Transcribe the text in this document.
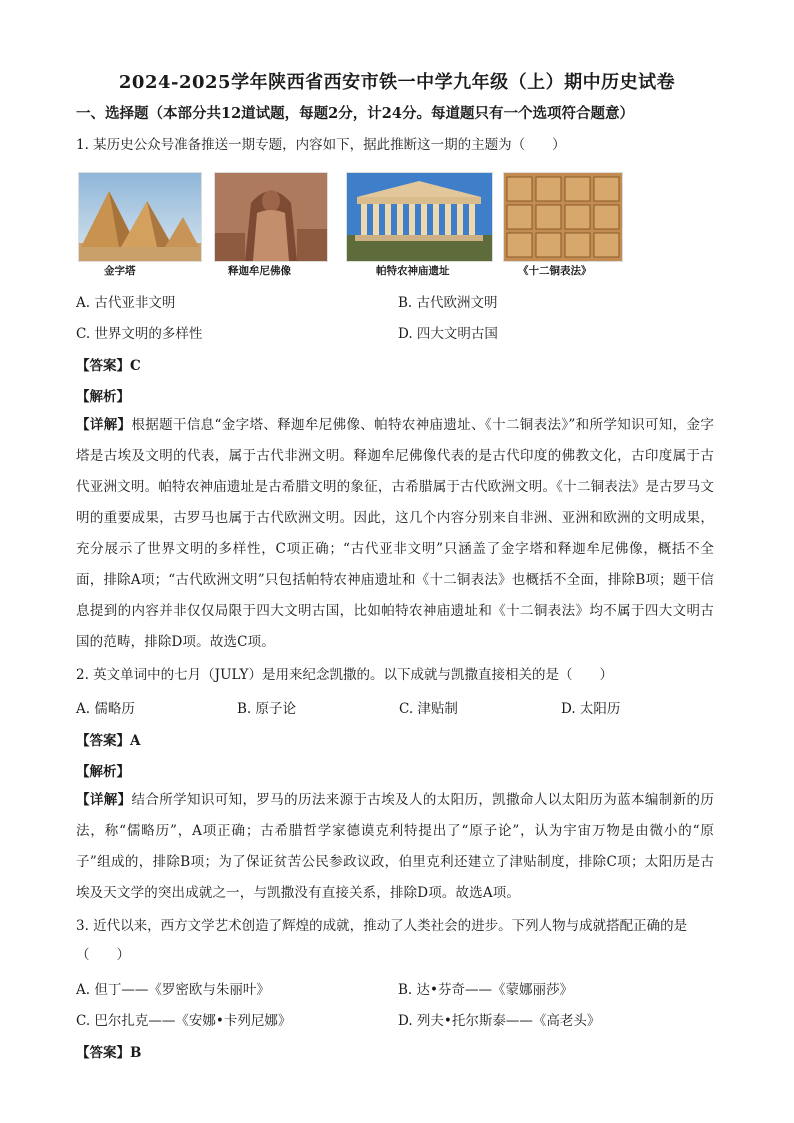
2024-2025学年陕西省西安市铁一中学九年级（上）期中历史试卷
一、选择题（本部分共12道试题，每题2分，计24分。每道题只有一个选项符合题意）
1. 某历史公众号准备推送一期专题，内容如下，据此推断这一期的主题为（　　）
金字塔	释迦牟尼佛像	帕特农神庙遗址	《十二铜表法》
A. 古代亚非文明	B. 古代欧洲文明
C. 世界文明的多样性	D. 四大文明古国
【答案】C
【解析】
【详解】根据题干信息“金字塔、释迦牟尼佛像、帕特农神庙遗址、《十二铜表法》”和所学知识可知，金字塔是古埃及文明的代表，属于古代非洲文明。释迦牟尼佛像代表的是古代印度的佛教文化，古印度属于古代亚洲文明。帕特农神庙遗址是古希腊文明的象征，古希腊属于古代欧洲文明。《十二铜表法》是古罗马文明的重要成果，古罗马也属于古代欧洲文明。因此，这几个内容分别来自非洲、亚洲和欧洲的文明成果，充分展示了世界文明的多样性，C项正确；“古代亚非文明”只涵盖了金字塔和释迦牟尼佛像，概括不全面，排除A项；“古代欧洲文明”只包括帕特农神庙遗址和《十二铜表法》也概括不全面，排除B项；题干信息提到的内容并非仅仅局限于四大文明古国，比如帕特农神庙遗址和《十二铜表法》均不属于四大文明古国的范畴，排除D项。故选C项。
2. 英文单词中的七月（JULY）是用来纪念凯撒的。以下成就与凯撒直接相关的是（　　）
A. 儒略历	B. 原子论	C. 津贴制	D. 太阳历
【答案】A
【解析】
【详解】结合所学知识可知，罗马的历法来源于古埃及人的太阳历，凯撒命人以太阳历为蓝本编制新的历法，称“儒略历”，A项正确；古希腊哲学家德谟克利特提出了“原子论”，认为宇宙万物是由微小的“原子”组成的，排除B项；为了保证贫苦公民参政议政，伯里克利还建立了津贴制度，排除C项；太阳历是古埃及天文学的突出成就之一，与凯撒没有直接关系，排除D项。故选A项。
3. 近代以来，西方文学艺术创造了辉煌的成就，推动了人类社会的进步。下列人物与成就搭配正确的是
（　　）
A. 但丁——《罗密欧与朱丽叶》	B. 达•芬奇——《蒙娜丽莎》
C. 巴尔扎克——《安娜•卡列尼娜》	D. 列夫•托尔斯泰——《高老头》
【答案】B
